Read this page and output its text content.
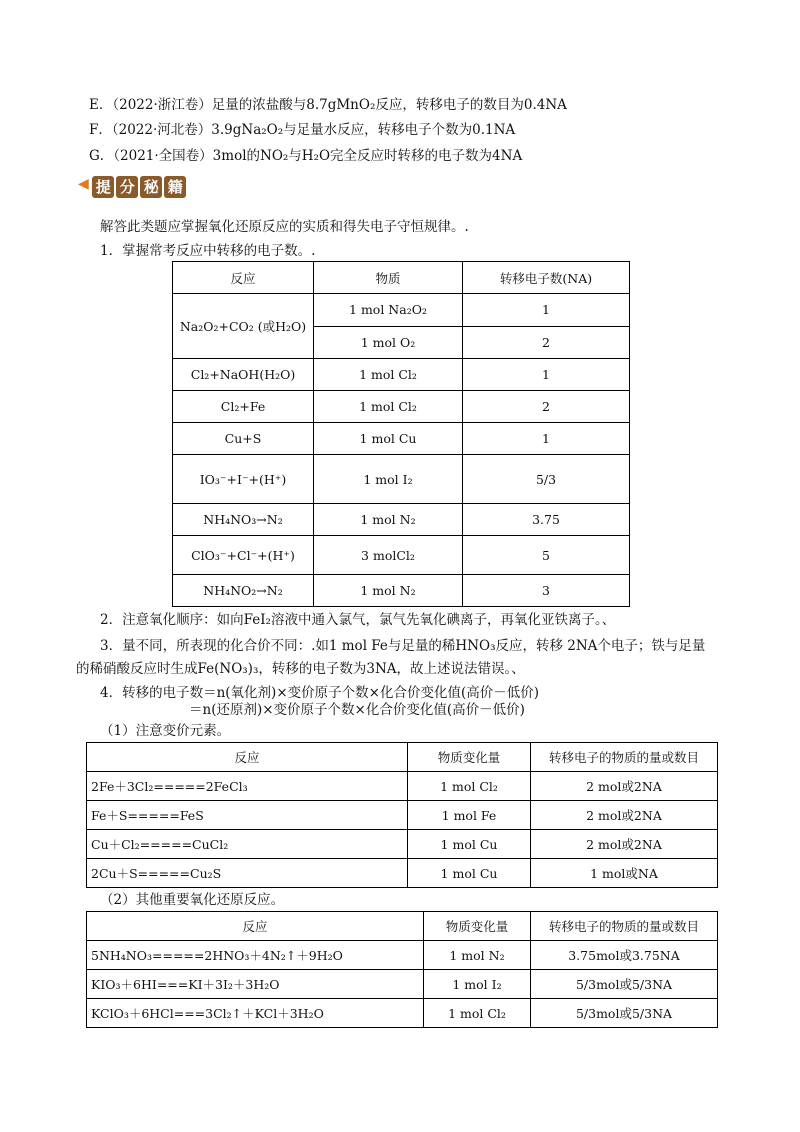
E．（2022·浙江卷）足量的浓盐酸与8.7gMnO₂反应，转移电子的数目为0.4NA
F．（2022·河北卷）3.9gNa₂O₂与足量水反应，转移电子个数为0.1NA
G．（2021·全国卷）3mol的NO₂与H₂O完全反应时转移的电子数为4NA
◀ 提 分 秘 籍
解答此类题应掌握氧化还原反应的实质和得失电子守恒规律。.
1．掌握常考反应中转移的电子数。.
反应	物质	转移电子数(NA)
Na₂O₂+CO₂ (或H₂O)	1 mol Na₂O₂	1
	1 mol O₂	2
Cl₂+NaOH(H₂O)	1 mol Cl₂	1
Cl₂+Fe	1 mol Cl₂	2
Cu+S	1 mol Cu	1
IO₃⁻+I⁻+(H⁺)	1 mol I₂	5/3
NH₄NO₃→N₂	1 mol N₂	3.75
ClO₃⁻+Cl⁻+(H⁺)	3 molCl₂	5
NH₄NO₂→N₂	1 mol N₂	3
2．注意氧化顺序：如向FeI₂溶液中通入氯气，氯气先氧化碘离子，再氧化亚铁离子。、
3．量不同，所表现的化合价不同：.如1 mol Fe与足量的稀HNO₃反应，转移 2NA个电子；铁与足量
的稀硝酸反应时生成Fe(NO₃)₃，转移的电子数为3NA，故上述说法错误。、
4．转移的电子数＝n(氧化剂)×变价原子个数×化合价变化值(高价－低价)
＝n(还原剂)×变价原子个数×化合价变化值(高价－低价)
（1）注意变价元素。
反应	物质变化量	转移电子的物质的量或数目
2Fe＋3Cl₂=====2FeCl₃	1 mol Cl₂	2 mol或2NA
Fe＋S=====FeS	1 mol Fe	2 mol或2NA
Cu＋Cl₂=====CuCl₂	1 mol Cu	2 mol或2NA
2Cu＋S=====Cu₂S	1 mol Cu	1 mol或NA
（2）其他重要氧化还原反应。
反应	物质变化量	转移电子的物质的量或数目
5NH₄NO₃=====2HNO₃＋4N₂↑＋9H₂O	1 mol N₂	3.75mol或3.75NA
KIO₃＋6HI===KI＋3I₂＋3H₂O	1 mol I₂	5/3mol或5/3NA
KClO₃＋6HCl===3Cl₂↑＋KCl＋3H₂O	1 mol Cl₂	5/3mol或5/3NA
